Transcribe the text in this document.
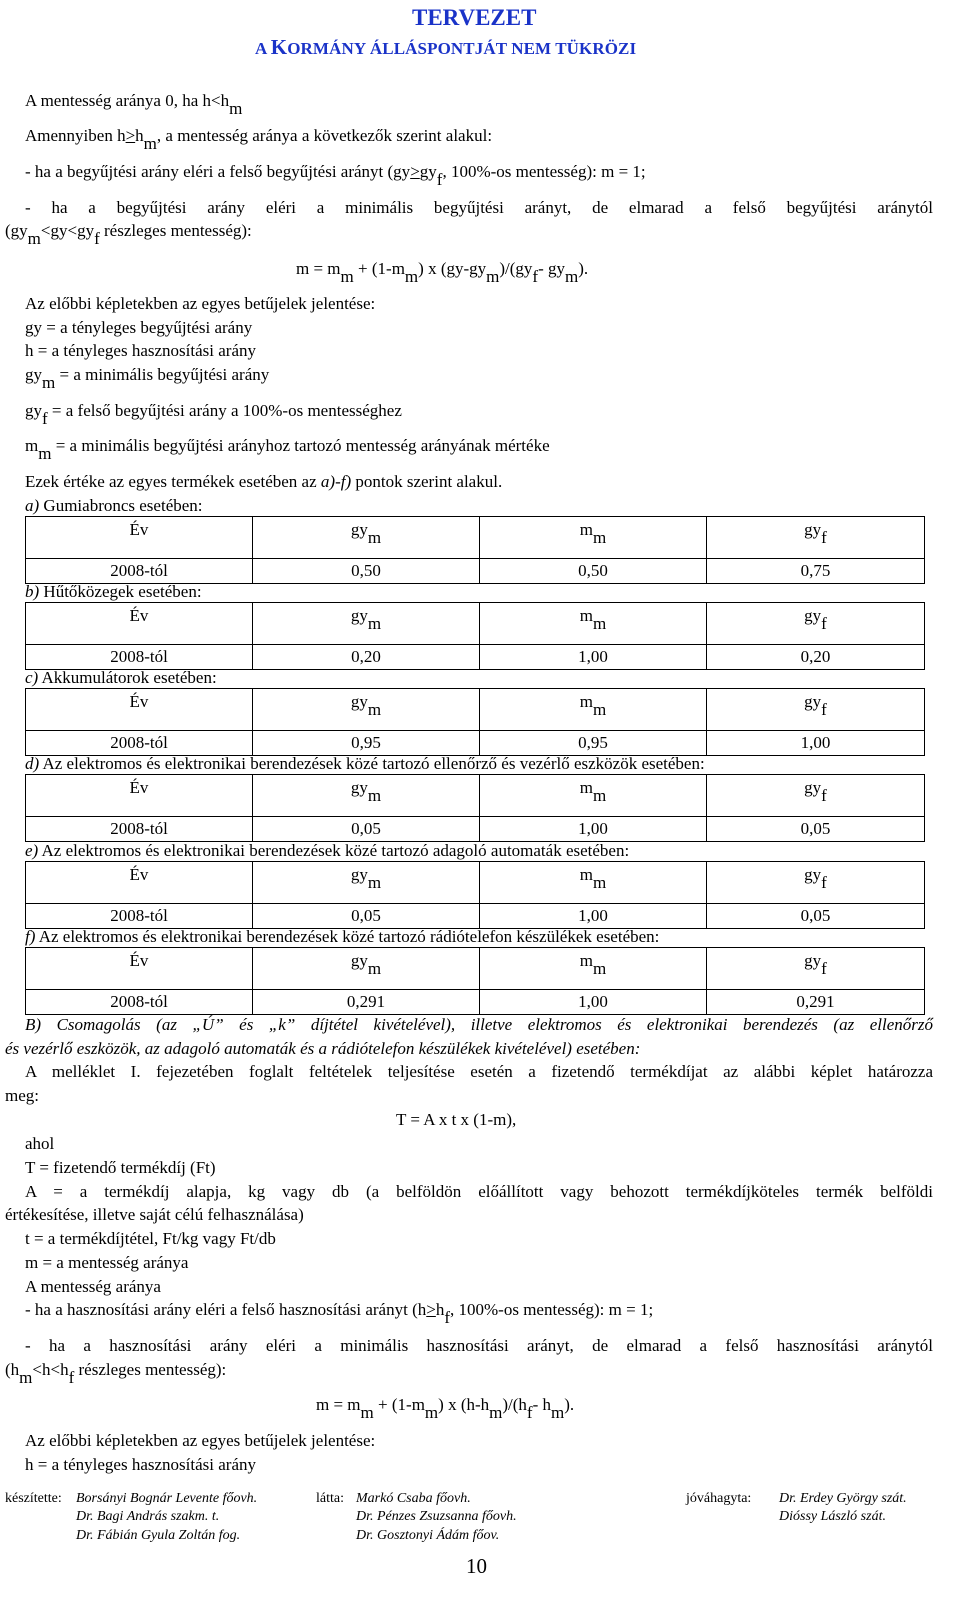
TERVEZET
A KORMÁNY ÁLLÁSPONTJÁT NEM TÜKRÖZI
A mentesség aránya 0, ha $h<h_m$
Amennyiben $h\ge h_m$, a mentesség aránya a következők szerint alakul:
- ha a begyűjtési arány eléri a felső begyűjtési arányt ($gy>gy_f$, 100%-os mentesség): m = 1;
- ha a begyűjtési arány eléri a minimális begyűjtési arányt, de elmarad a felső begyűjtési aránytól
($gy_m<gy<gy_f$ részleges mentesség):
$m = m_m + (1-m_m)$ x $(gy-gy_m)/(gy_f-$ $gy_m$).
Az előbbi képletekben az egyes betűjelek jelentése:
gy = a tényleges begyűjtési arány
h = a tényleges hasznosítási arány
$gy_m = a$ minimális begyűjtési arány
$gy_f = a$ felső begyűjtési arány a 100%-os mentességhez
$m_m = a$ minimális begyűjtési arányhoz tartozó mentesség arányának mértéke
Ezek értéke az egyes termékek esetében az a)-f) pontok szerint alakul.
a) Gumiabroncs esetében:
Év	$gy_m$	$m_m$	$gy_f$
2008-tól	0,50	0,50	0,75
b) Hűtőközegek esetében:
Év	$gy_m$	$m_m$	$gy_f$
2008-tól	0,20	1,00	0,20
c) Akkumulátorok esetében:
Év	$gy_m$	$m_m$	$gy_f$
2008-tól	0,95	0,95	1,00
d) Az elektromos és elektronikai berendezések közé tartozó ellenőrző és vezérlő eszközök esetében:
Év	$gy_m$	$m_m$	$gy_f$
2008-tól	0,05	1,00	0,05
e) Az elektromos és elektronikai berendezések közé tartozó adagoló automaták esetében:
Év	$gy_m$	$m_m$	$gy_f$
2008-tól	0,05	1,00	0,05
f) Az elektromos és elektronikai berendezések közé tartozó rádiótelefon készülékek esetében:
Év	$gy_m$	$m_m$	$gy_f$
2008-tól	0,291	1,00	0,291
B) Csomagolás (az „Ú” és „k” díjtétel kivételével), illetve elektromos és elektronikai berendezés (az ellenőrző
és vezérlő eszközök, az adagoló automaták és a rádiótelefon készülékek kivételével) esetében:
A melléklet I. fejezetében foglalt feltételek teljesítése esetén a fizetendő termékdíjat az alábbi képlet határozza
meg:
T = A x t x (1-m),
ahol
T = fizetendő termékdíj (Ft)
A = a termékdíj alapja, kg vagy db (a belföldön előállított vagy behozott termékdíjköteles termék belföldi
értékesítése, illetve saját célú felhasználása)
t = a termékdíjtétel, Ft/kg vagy Ft/db
m = a mentesség aránya
A mentesség aránya
- ha a hasznosítási arány eléri a felső hasznosítási arányt ($h\ge h_f$, 100%-os mentesség): m = 1;
- ha a hasznosítási arány eléri a minimális hasznosítási arányt, de elmarad a felső hasznosítási aránytól
($h_m<h<h_f$ részleges mentesség):
$m = m_m + (1-m_m)$ x $(h-h_m)/(h_f-$ $h_m$).
Az előbbi képletekben az egyes betűjelek jelentése:
h = a tényleges hasznosítási arány
készítette: Borsányi Bognár Levente főovh.
Dr. Bagi András szakm. t.
Dr. Fábián Gyula Zoltán fog.
látta: Markó Csaba főovh.
Dr. Pénzes Zsuzsanna főovh.
Dr. Gosztonyi Ádám főov.
jóváhagyta: Dr. Erdey György szát.
Dióssy László szát.
10
